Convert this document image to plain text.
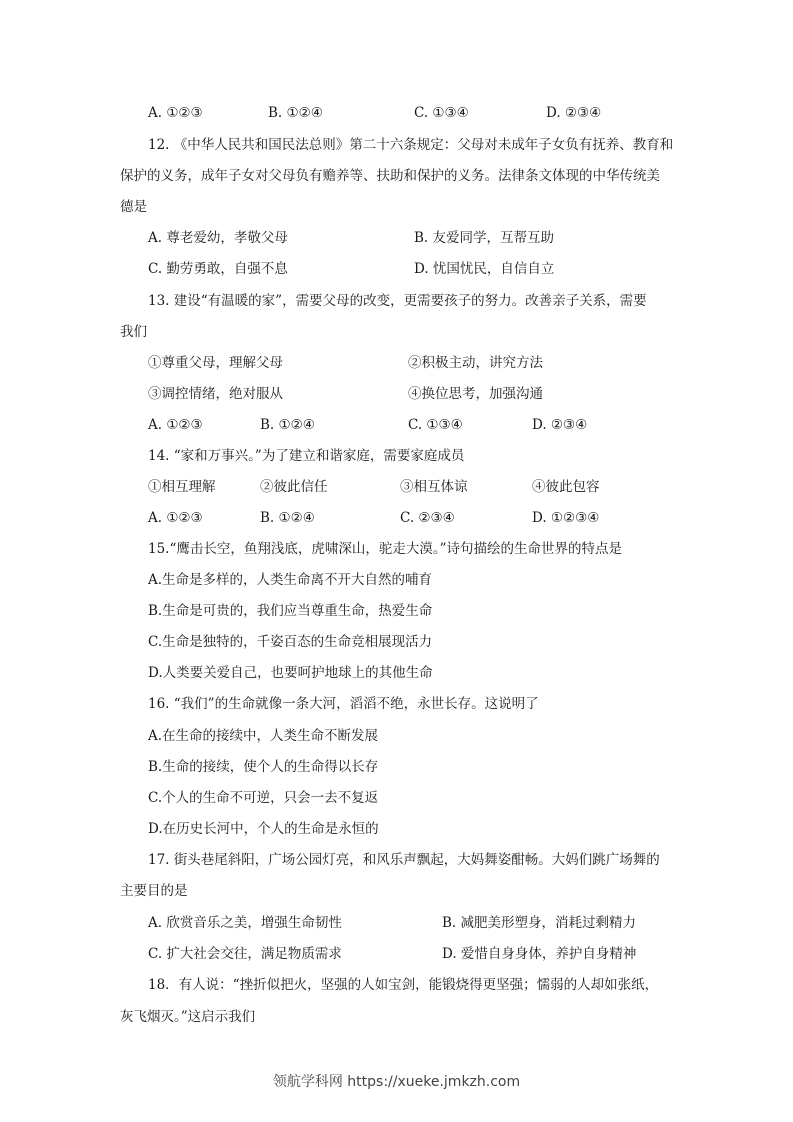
A. ①②③	B. ①②④	C. ①③④	D. ②③④
12. 《中华人民共和国民法总则》第二十六条规定：父母对未成年子女负有抚养、教育和
保护的义务，成年子女对父母负有赡养等、扶助和保护的义务。法律条文体现的中华传统美
德是
A. 尊老爱幼，孝敬父母	B. 友爱同学，互帮互助
C. 勤劳勇敢，自强不息	D. 忧国忧民，自信自立
13. 建设“有温暖的家”，需要父母的改变，更需要孩子的努力。改善亲子关系，需要
我们
①尊重父母，理解父母	②积极主动，讲究方法
③调控情绪，绝对服从	④换位思考，加强沟通
A. ①②③	B. ①②④	C. ①③④	D. ②③④
14. “家和万事兴。”为了建立和谐家庭，需要家庭成员
①相互理解	②彼此信任	③相互体谅	④彼此包容
A. ①②③	B. ①②④	C. ②③④	D. ①②③④
15.“鹰击长空，鱼翔浅底，虎啸深山，驼走大漠。”诗句描绘的生命世界的特点是
A.生命是多样的，人类生命离不开大自然的哺育
B.生命是可贵的，我们应当尊重生命，热爱生命
C.生命是独特的，千姿百态的生命竞相展现活力
D.人类要关爱自己，也要呵护地球上的其他生命
16. “我们”的生命就像一条大河，滔滔不绝，永世长存。这说明了
A.在生命的接续中，人类生命不断发展
B.生命的接续，使个人的生命得以长存
C.个人的生命不可逆，只会一去不复返
D.在历史长河中，个人的生命是永恒的
17. 街头巷尾斜阳，广场公园灯亮，和风乐声飘起，大妈舞姿酣畅。大妈们跳广场舞的
主要目的是
A. 欣赏音乐之美，增强生命韧性	B. 减肥美形塑身，消耗过剩精力
C. 扩大社会交往，满足物质需求	D. 爱惜自身身体，养护自身精神
18．有人说：“挫折似把火，坚强的人如宝剑，能锻烧得更坚强；懦弱的人却如张纸，
灰飞烟灭。”这启示我们
领航学科网 https://xueke.jmkzh.com
